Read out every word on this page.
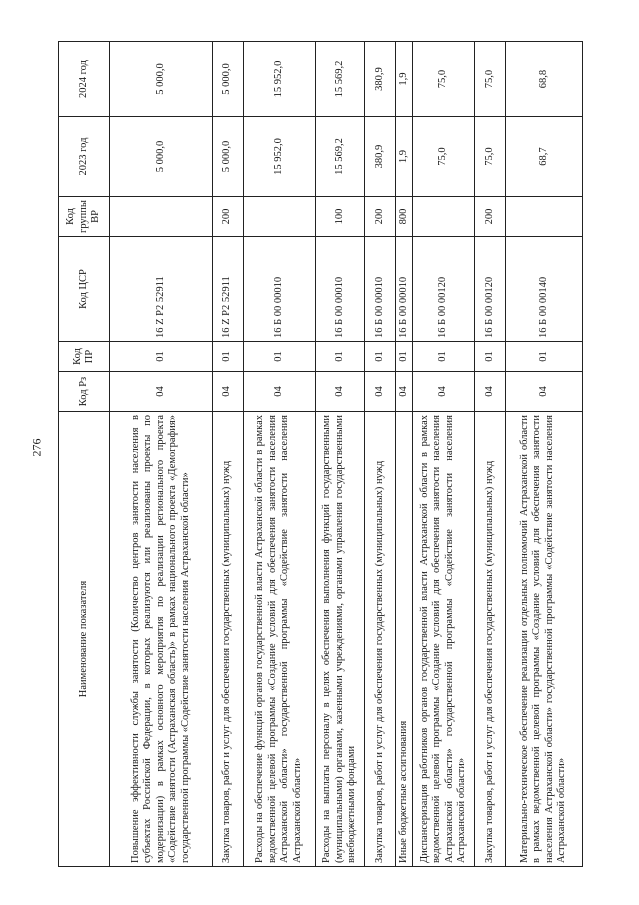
276
Наименование показателя	Код Рз	Код ПР	Код ЦСР	Код группы ВР	2023 год	2024 год
Повышение эффективности службы занятости (Количество центров занятости населения в субъектах Российской Федерации, в которых реализуются или реализованы проекты по модернизации) в рамках основного мероприятия по реализации регионального проекта «Содействие занятости (Астраханская область)» в рамках национального проекта «Демография» государственной программы «Содействие занятости населения Астраханской области»	04	01	16 Z P2 52911		5 000,0	5 000,0
Закупка товаров, работ и услуг для обеспечения государственных (муниципальных) нужд	04	01	16 Z P2 52911	200	5 000,0	5 000,0
Расходы на обеспечение функций органов государственной власти Астраханской области в рамках ведомственной целевой программы «Создание условий для обеспечения занятости населения Астраханской области» государственной программы «Содействие занятости населения Астраханской области»	04	01	16 Б 00 00010		15 952,0	15 952,0
Расходы на выплаты персоналу в целях обеспечения выполнения функций государственными (муниципальными) органами, казенными учреждениями, органами управления государственными внебюджетными фондами	04	01	16 Б 00 00010	100	15 569,2	15 569,2
Закупка товаров, работ и услуг для обеспечения государственных (муниципальных) нужд	04	01	16 Б 00 00010	200	380,9	380,9
Иные бюджетные ассигнования	04	01	16 Б 00 00010	800	1,9	1,9
Диспансеризация работников органов государственной власти Астраханской области в рамках ведомственной целевой программы «Создание условий для обеспечения занятости населения Астраханской области» государственной программы «Содействие занятости населения Астраханской области»	04	01	16 Б 00 00120		75,0	75,0
Закупка товаров, работ и услуг для обеспечения государственных (муниципальных) нужд	04	01	16 Б 00 00120	200	75,0	75,0
Материально-техническое обеспечение реализации отдельных полномочий Астраханской области в рамках ведомственной целевой программы «Создание условий для обеспечения занятости населения Астраханской области» государственной программы «Содействие занятости населения Астраханской области»	04	01	16 Б 00 00140		68,7	68,8
